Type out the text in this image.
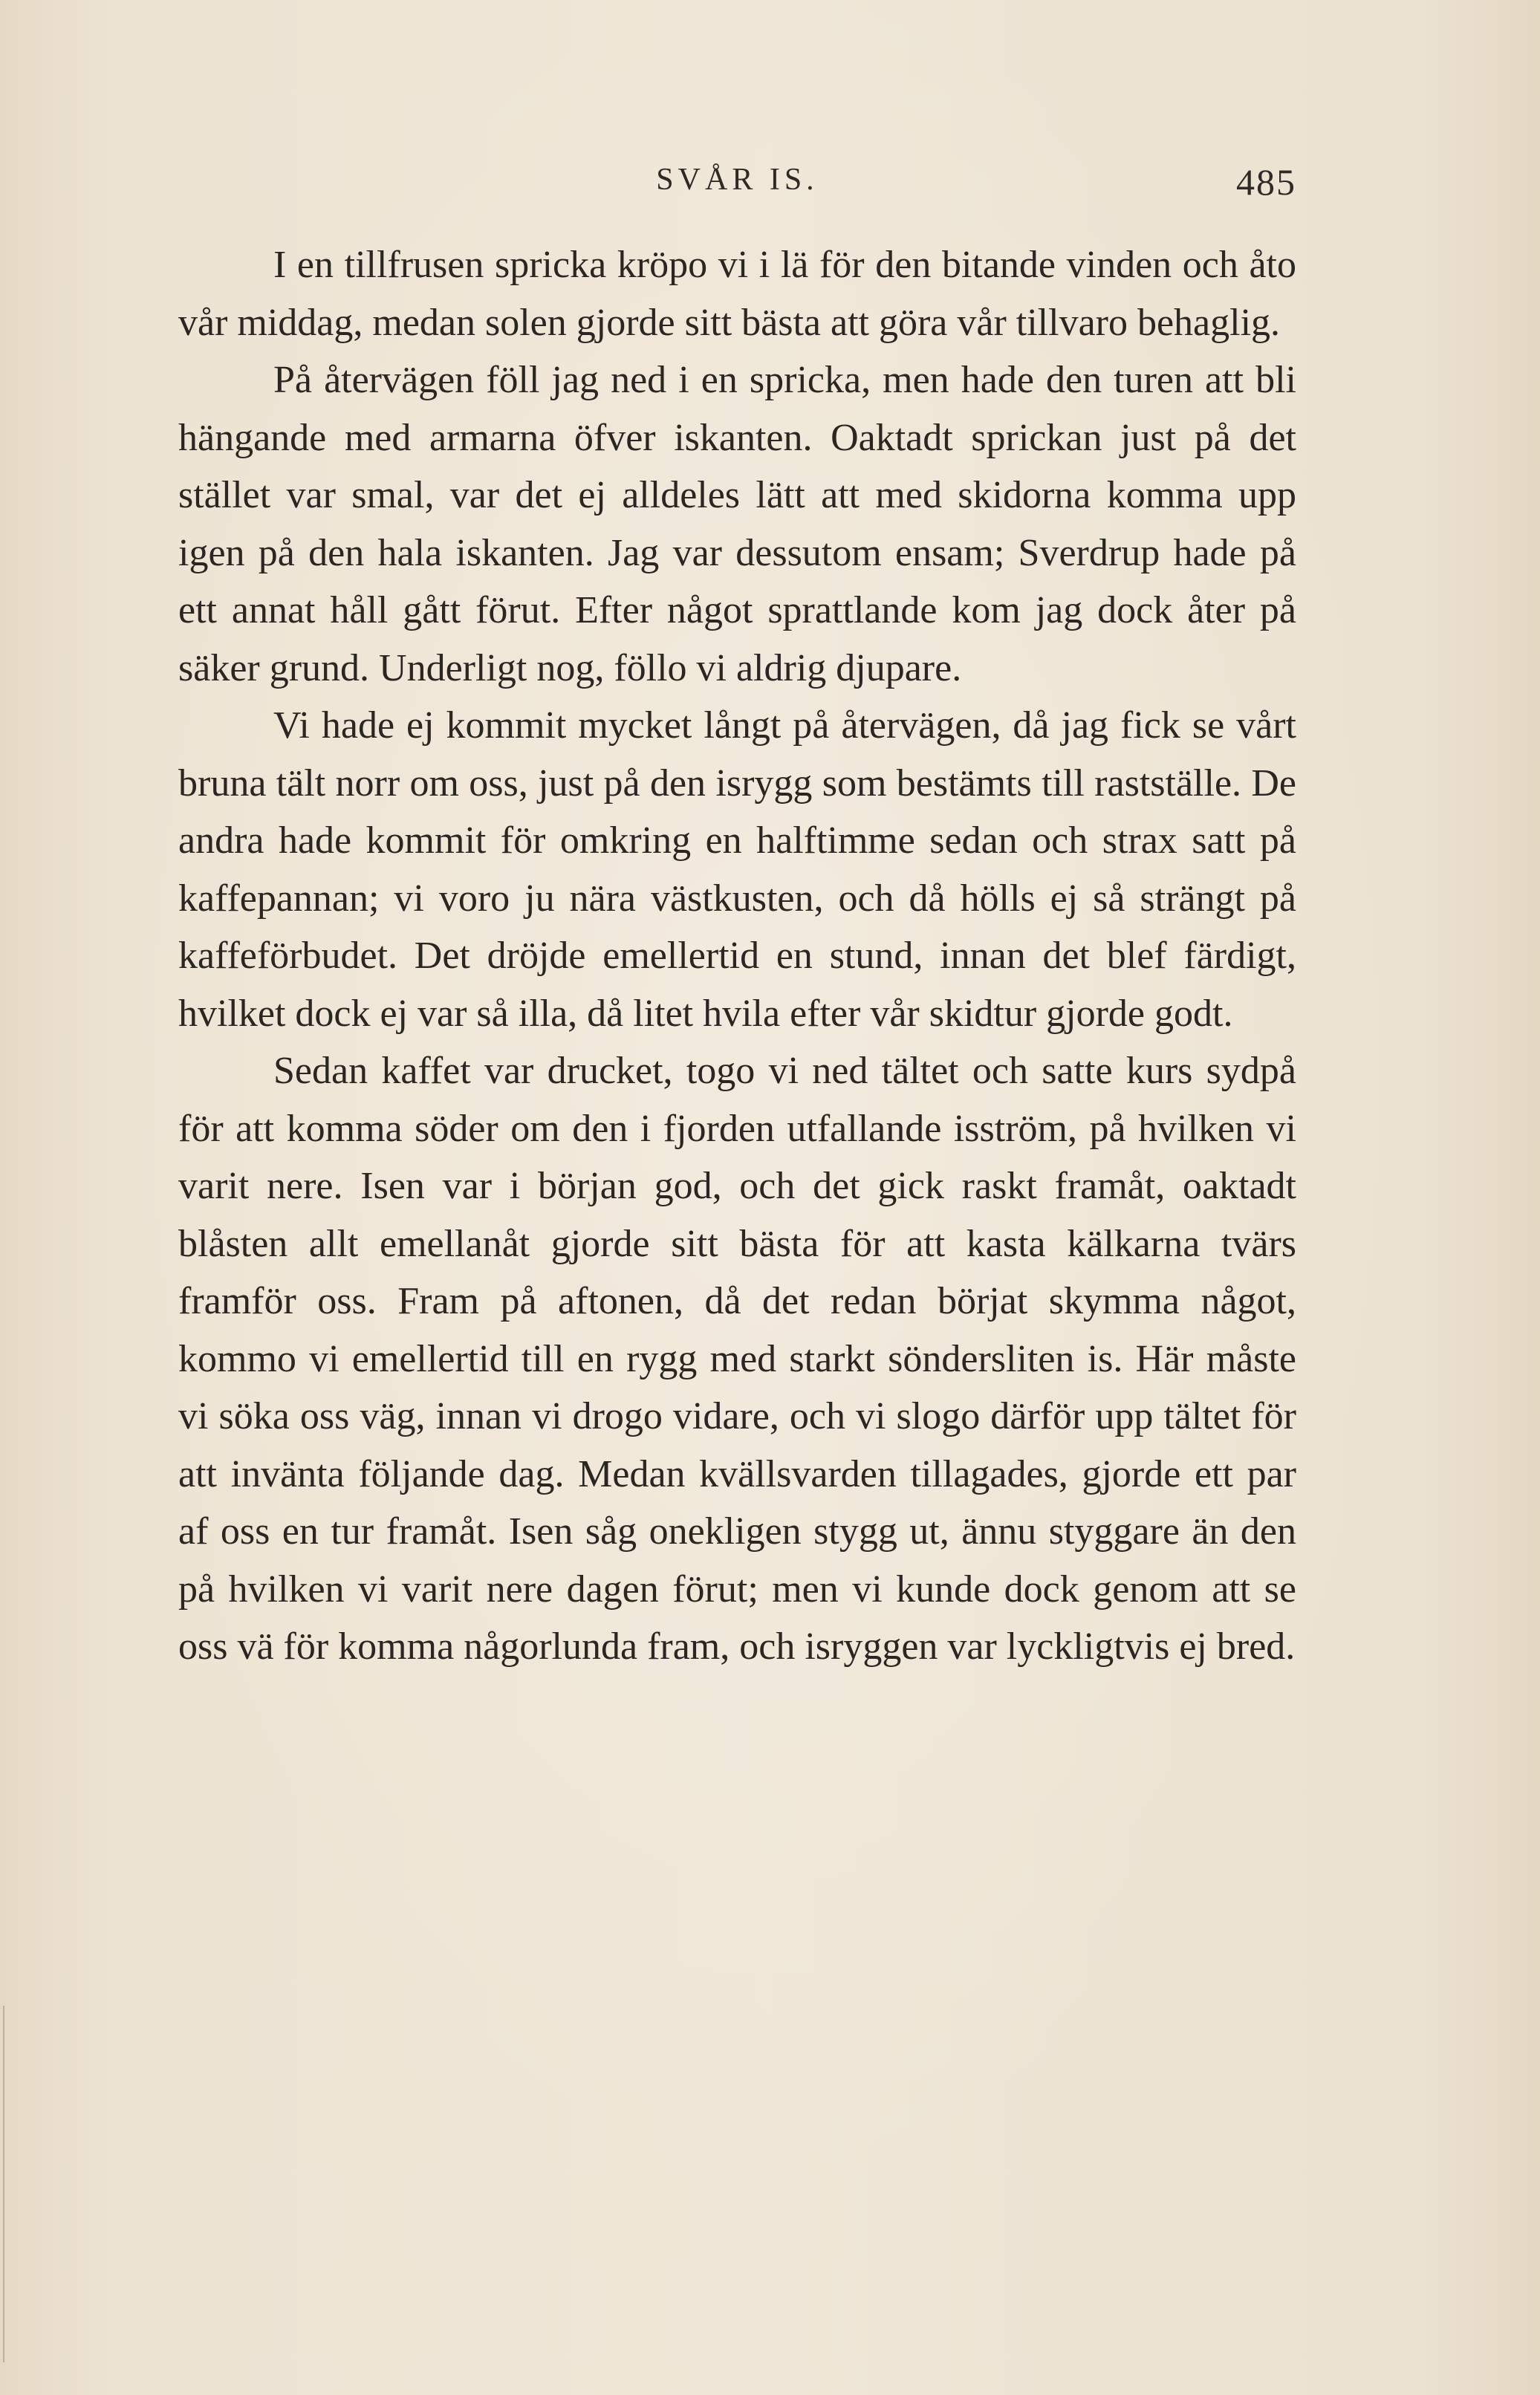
SVÅR IS.	485

I en tillfrusen spricka kröpo vi i lä för den bitande vinden och åto vår middag, medan solen gjorde sitt bästa att göra vår tillvaro behaglig.

På återvägen föll jag ned i en spricka, men hade den turen att bli hängande med armarna öfver iskanten. Oaktadt sprickan just på det stället var smal, var det ej alldeles lätt att med skidorna komma upp igen på den hala iskanten. Jag var dessutom ensam; Sverdrup hade på ett annat håll gått förut. Efter något sprattlande kom jag dock åter på säker grund. Underligt nog, föllo vi aldrig djupare.

Vi hade ej kommit mycket långt på återvägen, då jag fick se vårt bruna tält norr om oss, just på den isrygg som bestämts till rastställe. De andra hade kommit för omkring en halftimme sedan och strax satt på kaffepannan; vi voro ju nära västkusten, och då hölls ej så strängt på kaffeförbudet. Det dröjde emellertid en stund, innan det blef färdigt, hvilket dock ej var så illa, då litet hvila efter vår skidtur gjorde godt.

Sedan kaffet var drucket, togo vi ned tältet och satte kurs sydpå för att komma söder om den i fjorden utfallande isström, på hvilken vi varit nere. Isen var i början god, och det gick raskt framåt, oaktadt blåsten allt emellanåt gjorde sitt bästa för att kasta kälkarna tvärs framför oss. Fram på aftonen, då det redan börjat skymma något, kommo vi emellertid till en rygg med starkt söndersliten is. Här måste vi söka oss väg, innan vi drogo vidare, och vi slogo därför upp tältet för att invänta följande dag. Medan kvällsvarden tillagades, gjorde ett par af oss en tur framåt. Isen såg onekligen stygg ut, ännu styggare än den på hvilken vi varit nere dagen förut; men vi kunde dock genom att se oss vä för komma någorlunda fram, och isryggen var lyckligtvis ej bred.
